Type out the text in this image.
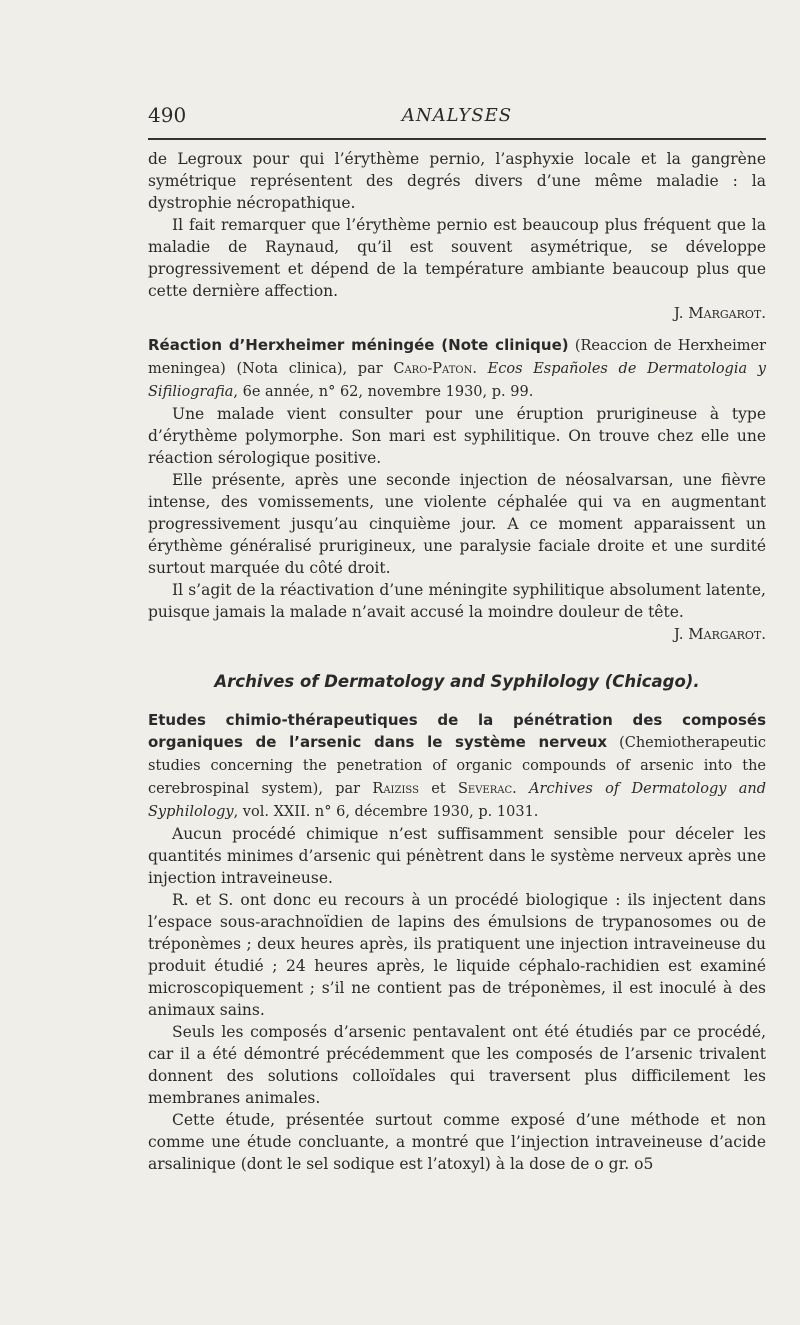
490	ANALYSES

de Legroux pour qui l’érythème pernio, l’asphyxie locale et la gangrène symétrique représentent des degrés divers d’une même maladie : la dystrophie nécropathique.

Il fait remarquer que l’érythème pernio est beaucoup plus fréquent que la maladie de Raynaud, qu’il est souvent asymétrique, se développe progressivement et dépend de la température ambiante beaucoup plus que cette dernière affection.

J. Margarot.

Réaction d’Herxheimer méningée (Note clinique) (Reaccion de Herxheimer meningea) (Nota clinica), par Caro-Paton. Ecos Españoles de Dermatologia y Sifiliografia, 6e année, n° 62, novembre 1930, p. 99.

Une malade vient consulter pour une éruption prurigineuse à type d’érythème polymorphe. Son mari est syphilitique. On trouve chez elle une réaction sérologique positive.

Elle présente, après une seconde injection de néosalvarsan, une fièvre intense, des vomissements, une violente céphalée qui va en augmentant progressivement jusqu’au cinquième jour. A ce moment apparaissent un érythème généralisé prurigineux, une paralysie faciale droite et une surdité surtout marquée du côté droit.

Il s’agit de la réactivation d’une méningite syphilitique absolument latente, puisque jamais la malade n’avait accusé la moindre douleur de tête.

J. Margarot.

Archives of Dermatology and Syphilology (Chicago).

Etudes chimio-thérapeutiques de la pénétration des composés organiques de l’arsenic dans le système nerveux (Chemiotherapeutic studies concerning the penetration of organic compounds of arsenic into the cerebrospinal system), par Raiziss et Severac. Archives of Dermatology and Syphilology, vol. XXII. n° 6, décembre 1930, p. 1031.

Aucun procédé chimique n’est suffisamment sensible pour déceler les quantités minimes d’arsenic qui pénètrent dans le système nerveux après une injection intraveineuse.

R. et S. ont donc eu recours à un procédé biologique : ils injectent dans l’espace sous-arachnoïdien de lapins des émulsions de trypanosomes ou de tréponèmes ; deux heures après, ils pratiquent une injection intraveineuse du produit étudié ; 24 heures après, le liquide céphalo-rachidien est examiné microscopiquement ; s’il ne contient pas de tréponèmes, il est inoculé à des animaux sains.

Seuls les composés d’arsenic pentavalent ont été étudiés par ce procédé, car il a été démontré précédemment que les composés de l’arsenic trivalent donnent des solutions colloïdales qui traversent plus difficilement les membranes animales.

Cette étude, présentée surtout comme exposé d’une méthode et non comme une étude concluante, a montré que l’injection intraveineuse d’acide arsalinique (dont le sel sodique est l’atoxyl) à la dose de o gr. o5
